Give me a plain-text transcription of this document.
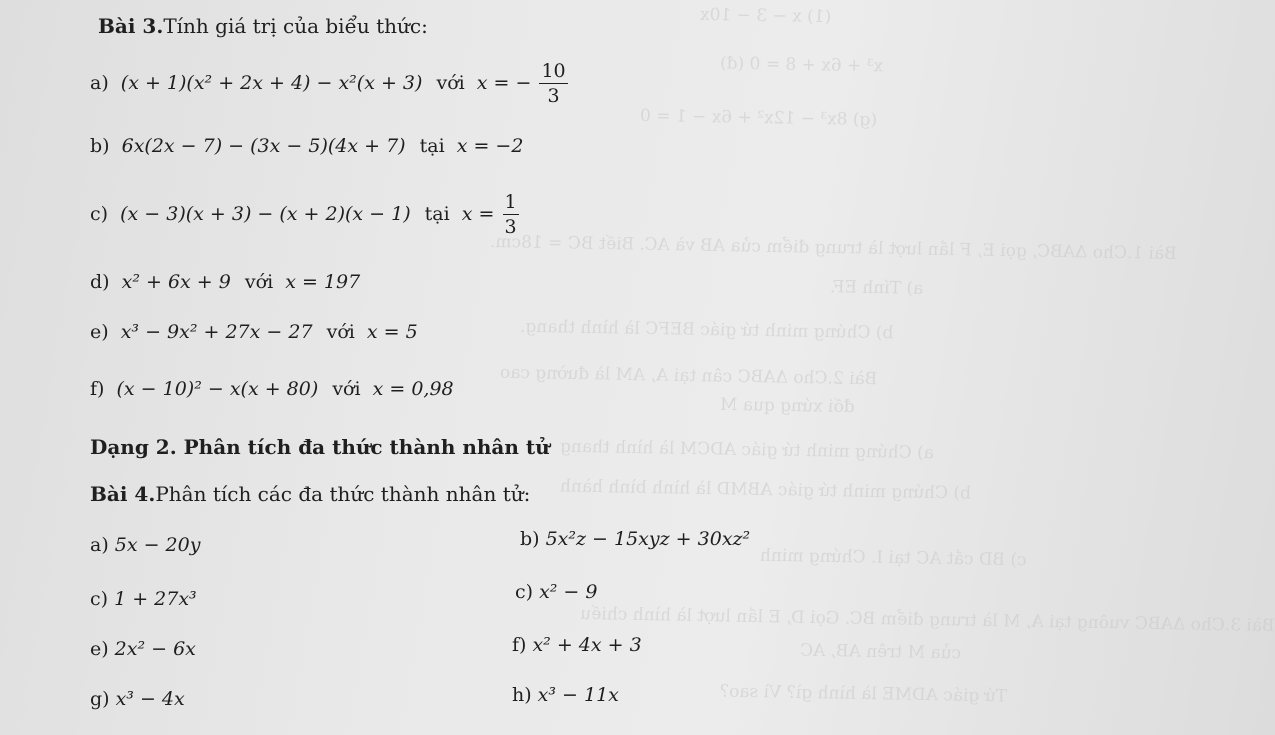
(1) x − 3 − 10x
x³ + 6x + 8 = 0 (đ)
(g) 8x³ − 12x² + 6x − 1 = 0
Bài 1.Cho ΔABC, gọi E, F lần lượt là trung điểm của AB và AC. Biết BC = 18cm.
a) Tính EF.
b) Chứng minh tứ giác BEFC là hình thang.
Bài 2.Cho ΔABC cân tại A, AM là đường cao
đối xứng qua M
a) Chứng minh tứ giác ADCM là hình thang
b) Chứng minh tứ giác ABMD là hình bình hành
c) BD cắt AC tại I. Chứng minh
Bài 3.Cho ΔABC vuông tại A, M là trung điểm BC. Gọi D, E lần lượt là hình chiếu
của M trên AB, AC
Tứ giác ADME là hình gì? Vì sao?
Bài 3.Tính giá trị của biểu thức:
a) (x + 1)(x² + 2x + 4) − x²(x + 3) với x = − $\frac{10}{3}$
b) 6x(2x − 7) − (3x − 5)(4x + 7) tại x = −2
c) (x − 3)(x + 3) − (x + 2)(x − 1) tại $x = \frac{1}{3}$
d) x² + 6x + 9 với x = 197
e) x³ − 9x² + 27x − 27 với x = 5
f) (x − 10)² − x(x + 80) với x = 0,98
Dạng 2. Phân tích đa thức thành nhân tử
Bài 4.Phân tích các đa thức thành nhân tử:
a) 5x − 20y	b) 5x²z − 15xyz + 30xz²
c) 1 + 27x³	c) x² − 9
e) 2x² − 6x	f) x² + 4x + 3
g) x³ − 4x	h) x³ − 11x
